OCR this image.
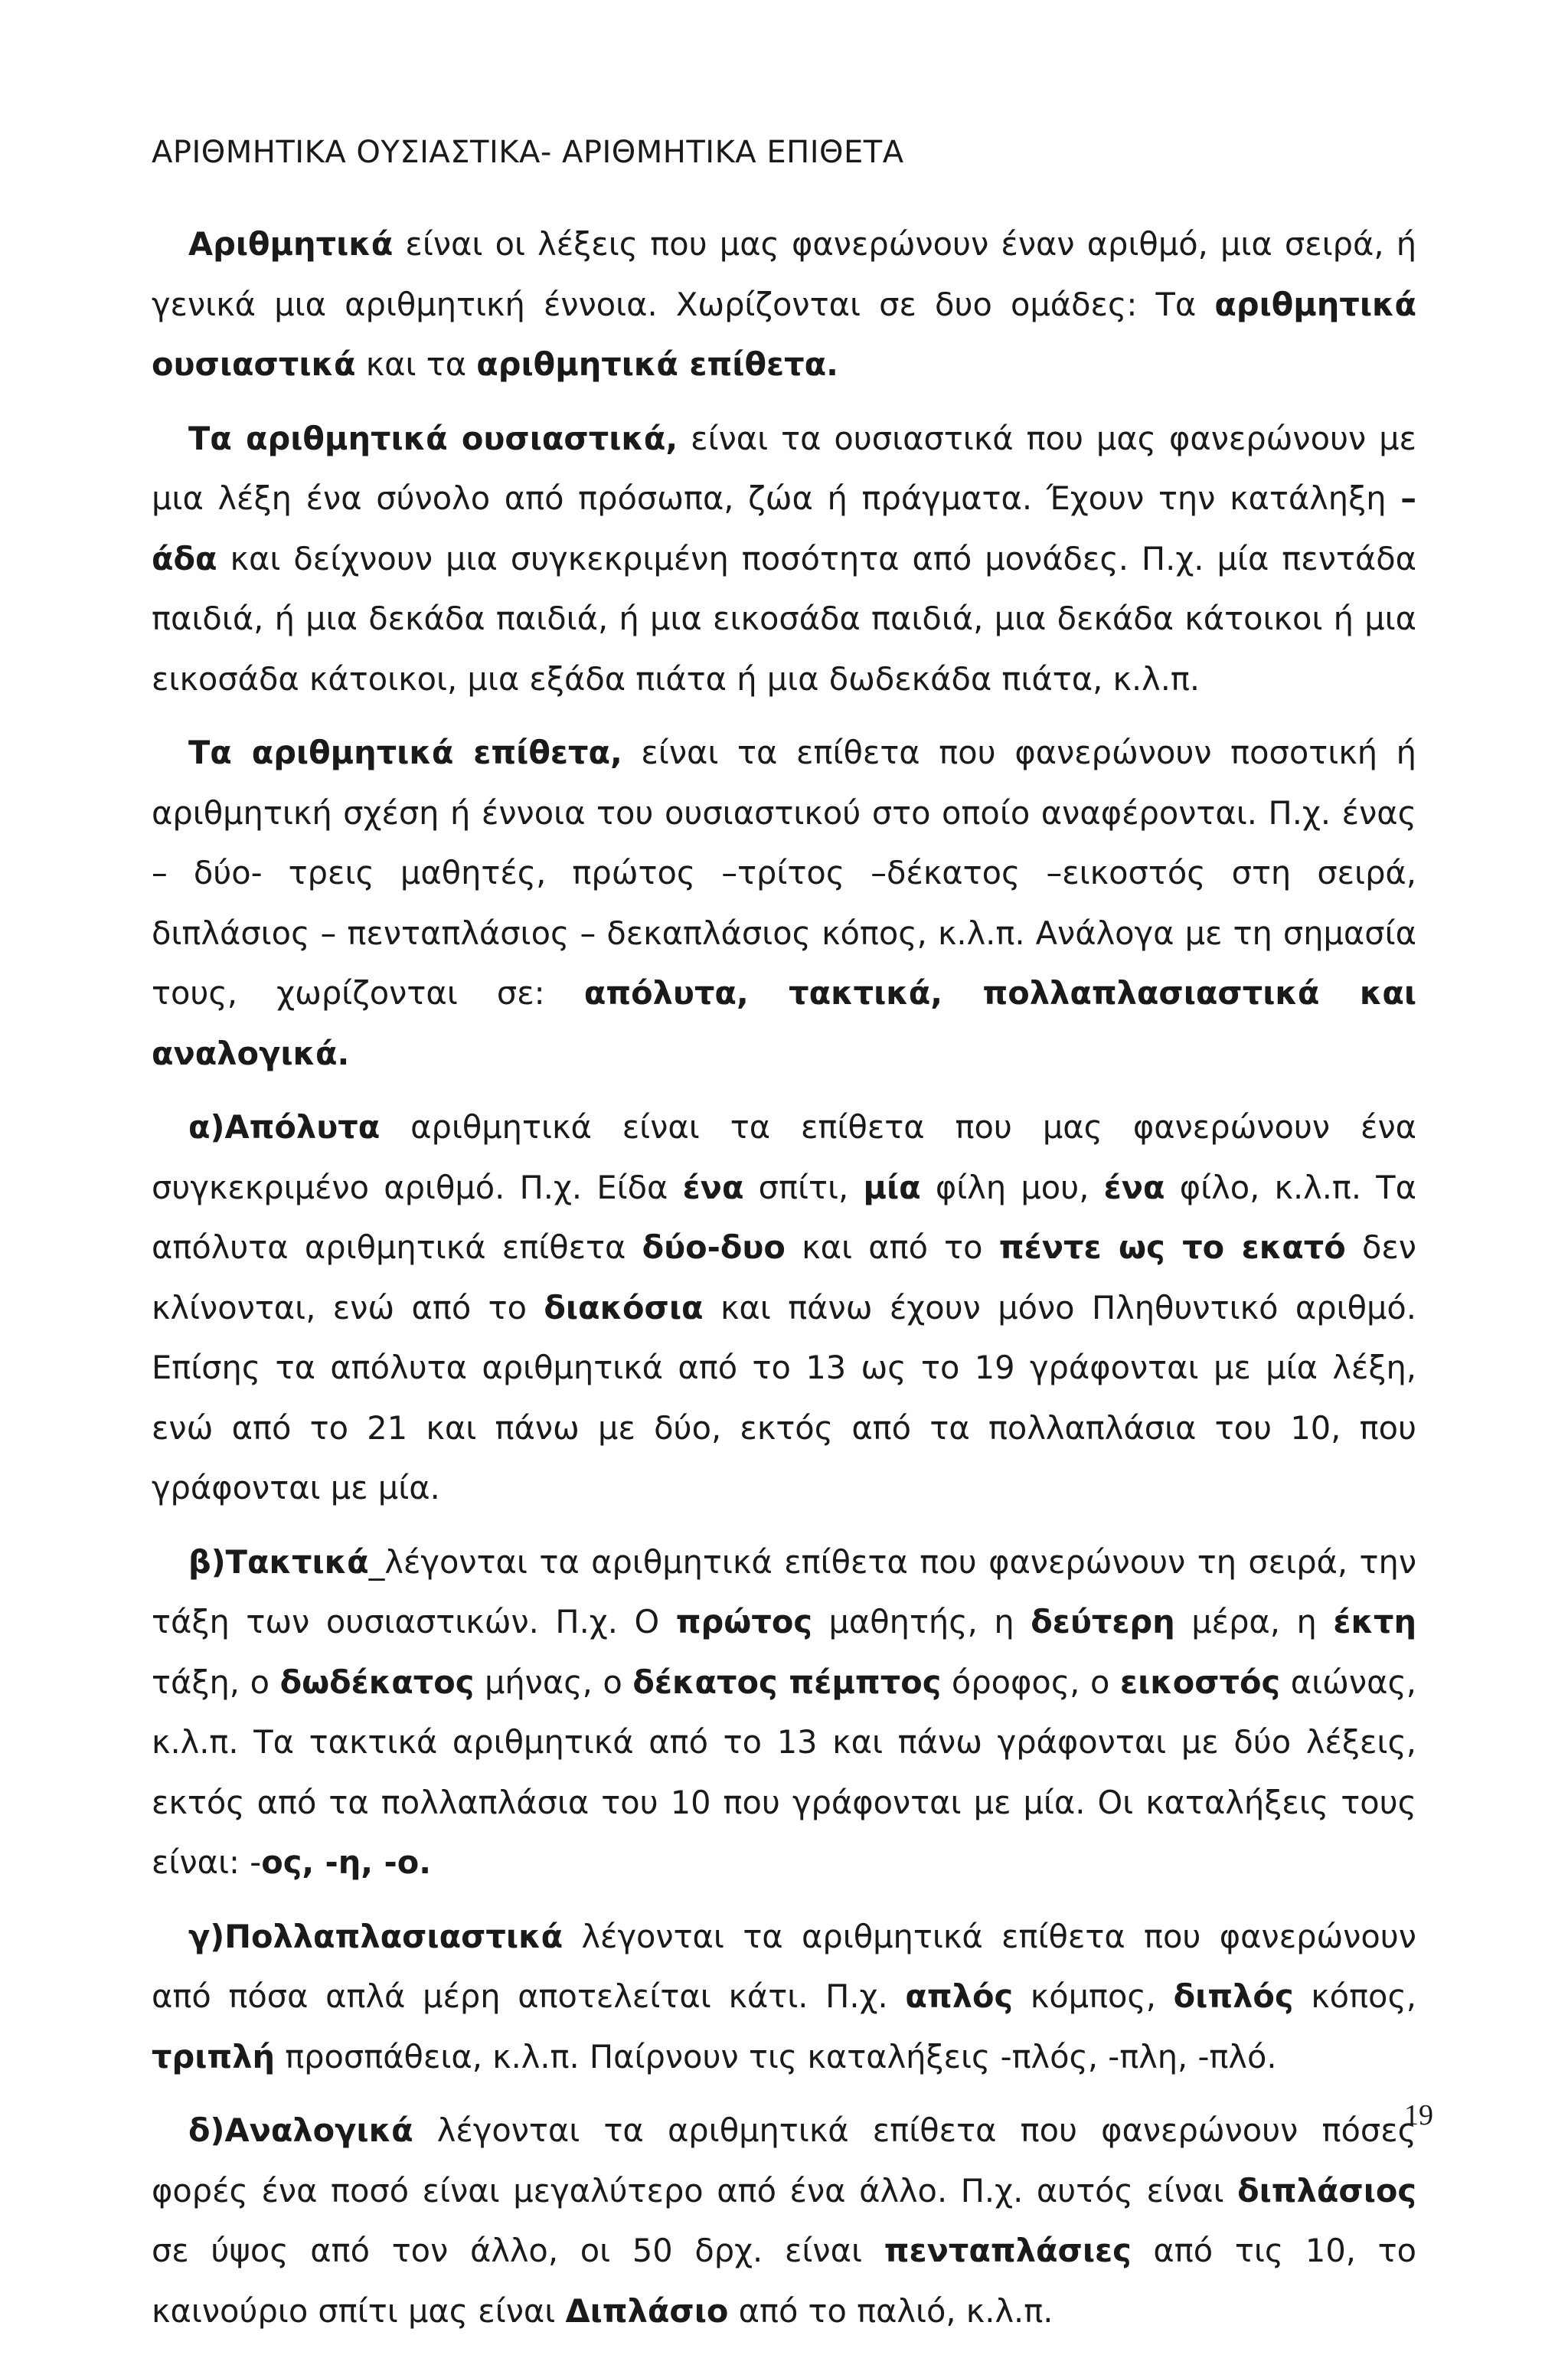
ΑΡΙΘΜΗΤΙΚΑ ΟΥΣΙΑΣΤΙΚΑ- ΑΡΙΘΜΗΤΙΚΑ ΕΠΙΘΕΤΑ

Αριθμητικά είναι οι λέξεις που μας φανερώνουν έναν αριθμό, μια σειρά, ή γενικά μια αριθμητική έννοια. Χωρίζονται σε δυο ομάδες: Τα αριθμητικά ουσιαστικά και τα αριθμητικά επίθετα.

Τα αριθμητικά ουσιαστικά, είναι τα ουσιαστικά που μας φανερώνουν με μια λέξη ένα σύνολο από πρόσωπα, ζώα ή πράγματα. Έχουν την κατάληξη –άδα και δείχνουν μια συγκεκριμένη ποσότητα από μονάδες. Π.χ. μία πεντάδα παιδιά, ή μια δεκάδα παιδιά, ή μια εικοσάδα παιδιά, μια δεκάδα κάτοικοι ή μια εικοσάδα κάτοικοι, μια εξάδα πιάτα ή μια δωδεκάδα πιάτα, κ.λ.π.

Τα αριθμητικά επίθετα, είναι τα επίθετα που φανερώνουν ποσοτική ή αριθμητική σχέση ή έννοια του ουσιαστικού στο οποίο αναφέρονται. Π.χ. ένας – δύο- τρεις μαθητές, πρώτος –τρίτος –δέκατος –εικοστός στη σειρά, διπλάσιος – πενταπλάσιος – δεκαπλάσιος κόπος, κ.λ.π. Ανάλογα με τη σημασία τους, χωρίζονται σε: απόλυτα, τακτικά, πολλαπλασιαστικά και αναλογικά.

α)Απόλυτα αριθμητικά είναι τα επίθετα που μας φανερώνουν ένα συγκεκριμένο αριθμό. Π.χ. Είδα ένα σπίτι, μία φίλη μου, ένα φίλο, κ.λ.π. Τα απόλυτα αριθμητικά επίθετα δύο-δυο και από το πέντε ως το εκατό δεν κλίνονται, ενώ από το διακόσια και πάνω έχουν μόνο Πληθυντικό αριθμό. Επίσης τα απόλυτα αριθμητικά από το 13 ως το 19 γράφονται με μία λέξη, ενώ από το 21 και πάνω με δύο, εκτός από τα πολλαπλάσια του 10, που γράφονται με μία.

β)Τακτικά_λέγονται τα αριθμητικά επίθετα που φανερώνουν τη σειρά, την τάξη των ουσιαστικών. Π.χ. Ο πρώτος μαθητής, η δεύτερη μέρα, η έκτη τάξη, ο δωδέκατος μήνας, ο δέκατος πέμπτος όροφος, ο εικοστός αιώνας, κ.λ.π. Τα τακτικά αριθμητικά από το 13 και πάνω γράφονται με δύο λέξεις, εκτός από τα πολλαπλάσια του 10 που γράφονται με μία. Οι καταλήξεις τους είναι: -ος, -η, -ο.

γ)Πολλαπλασιαστικά λέγονται τα αριθμητικά επίθετα που φανερώνουν από πόσα απλά μέρη αποτελείται κάτι. Π.χ. απλός κόμπος, διπλός κόπος, τριπλή προσπάθεια, κ.λ.π. Παίρνουν τις καταλήξεις -πλός, -πλη, -πλό.

δ)Αναλογικά λέγονται τα αριθμητικά επίθετα που φανερώνουν πόσες φορές ένα ποσό είναι μεγαλύτερο από ένα άλλο. Π.χ. αυτός είναι διπλάσιος σε ύψος από τον άλλο, οι 50 δρχ. είναι πενταπλάσιες από τις 10, το καινούριο σπίτι μας είναι Διπλάσιο από το παλιό, κ.λ.π.

19
